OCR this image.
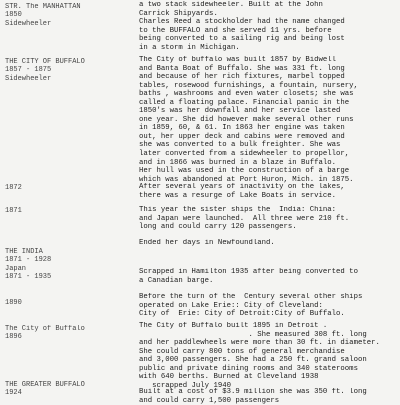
STR. The MANHATTAN
1850
Sidewheeler
THE CITY OF BUFFALO
1857 - 1875
Sidewheeler
1872
1871
THE INDIA
1871 - 1928
Japan
1871 - 1935
1890
The City of Buffalo
1896
THE GREATER BUFFALO
1924
a two stack sidewheeler. Built at the John
Carrick Shipyards.
Charles Reed a stockholder had the name changed
to the BUFFALO and she served 11 yrs. before
being converted to a sailing rig and being lost
in a storm in Michigan.
The City of buffalo was built 1857 by Bidwell
and Banta Boat of Buffalo. She was 331 ft. long
and because of her rich fixtures, marbel topped
tables, rosewood furnishings, a fountain, nursery,
baths , washrooms and even water closets; she was
called a floating palace. Financial panic in the
1850's was her downfall and her service lasted
one year. She did however make several other runs
in 1859, 60, & 61. In 1863 her engine was taken
out, her upper deck and cabins were removed and
she was converted to a bulk freighter. She was
later converted from a sidewheeler to propellor,
and in 1866 was burned in a blaze in Buffalo.
Her hull was used in the construction of a barge
which was abandoned at Port Huron, Mich. in 1875.
After several years of inactivity on the lakes,
there was a resurge of Lake Boats in service.
This year the sister ships the  India: China:
and Japan were launched.  All three were 210 ft.
long and could carry 120 passengers.
Ended her days in Newfoundland.
Scrapped in Hamilton 1935 after being converted to
a Canadian barge.
Before the turn of the  Century several other ships
operated on Lake Erie:: City of Cleveland:
City of  Erie: City of Detroit:City of Buffalo.
The City of Buffalo built 1895 in Detroit .
. She measured 308 ft. long
and her paddlewheels were more than 30 ft. in diameter.
She could carry 800 tons of general merchandise
and 3,000 passengers. She had a 250 ft. grand saloon
public and private dining rooms and 340 staterooms
with 640 berths. Burned at Cleveland 1938
scrapped July 1940
Built at a cost of $3.9 million she was 350 ft. long
and could carry 1,500 passengers
